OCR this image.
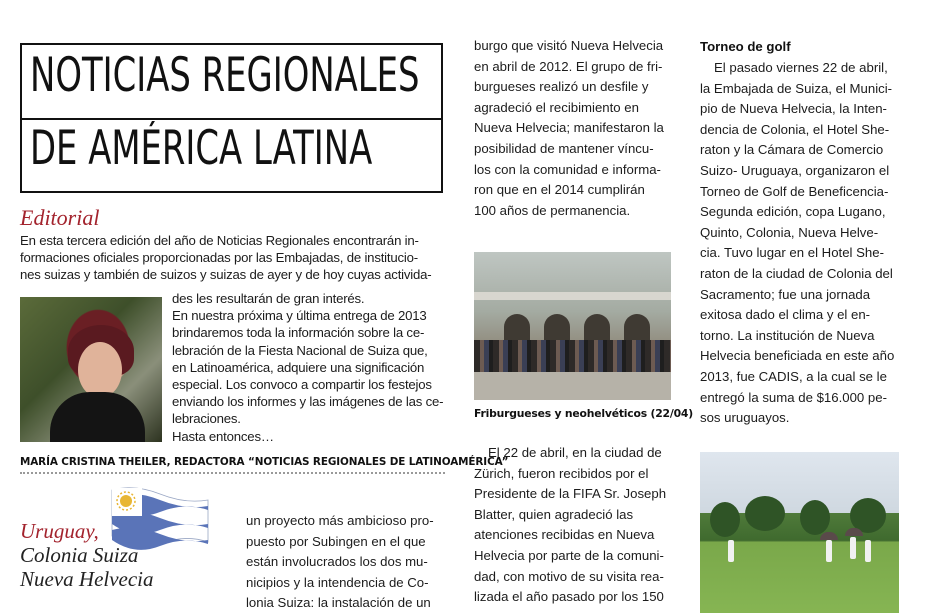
NOTICIAS REGIONALES
DE AMÉRICA LATINA
Editorial

En esta tercera edición del año de Noticias Regionales encontrarán in-

formaciones oficiales proporcionadas por las Embajadas, de institucio-

nes suizas y también de suizos y suizas de ayer y de hoy cuyas activida-

des les resultarán de gran interés.

En nuestra próxima y última entrega de 2013

brindaremos toda la información sobre la ce-

lebración de la Fiesta Nacional de Suiza que,

en Latinoamérica, adquiere una significación

especial. Los convoco a compartir los festejos

enviando los informes y las imágenes de las ce-

lebraciones.

Hasta entonces…

MARÍA CRISTINA THEILER, REDACTORA “NOTICIAS REGIONALES DE LATINOAMÉRICA”
Uruguay,
Colonia Suiza
Nueva Helvecia

un proyecto más ambicioso pro-

puesto por Subingen en el que

están involucrados los dos mu-

nicipios y la intendencia de Co-

lonia Suiza: la instalación de un

burgo que visitó Nueva Helvecia

en abril de 2012. El grupo de fri-

burgueses realizó un desfile y

agradeció el recibimiento en

Nueva Helvecia; manifestaron la

posibilidad de mantener víncu-

los con la comunidad e informa-

ron que en el 2014 cumplirán

100 años de permanencia.

Friburgueses y neohelvéticos (22/04)

El 22 de abril, en la ciudad de

Zürich, fueron recibidos por el

Presidente de la FIFA Sr. Joseph

Blatter, quien agradeció las

atenciones recibidas en Nueva

Helvecia por parte de la comuni-

dad, con motivo de su visita rea-

lizada el año pasado por los 150

Torneo de golf

El pasado viernes 22 de abril,

la Embajada de Suiza, el Munici-

pio de Nueva Helvecia, la Inten-

dencia de Colonia, el Hotel She-

raton y la Cámara de Comercio

Suizo- Uruguaya, organizaron el

Torneo de Golf de Beneficencia-

Segunda edición, copa Lugano,

Quinto, Colonia, Nueva Helve-

cia. Tuvo lugar en el Hotel She-

raton de la ciudad de Colonia del

Sacramento; fue una jornada

exitosa dado el clima y el en-

torno. La institución de Nueva

Helvecia beneficiada en este año

2013, fue CADIS, a la cual se le

entregó la suma de $16.000 pe-

sos uruguayos.
